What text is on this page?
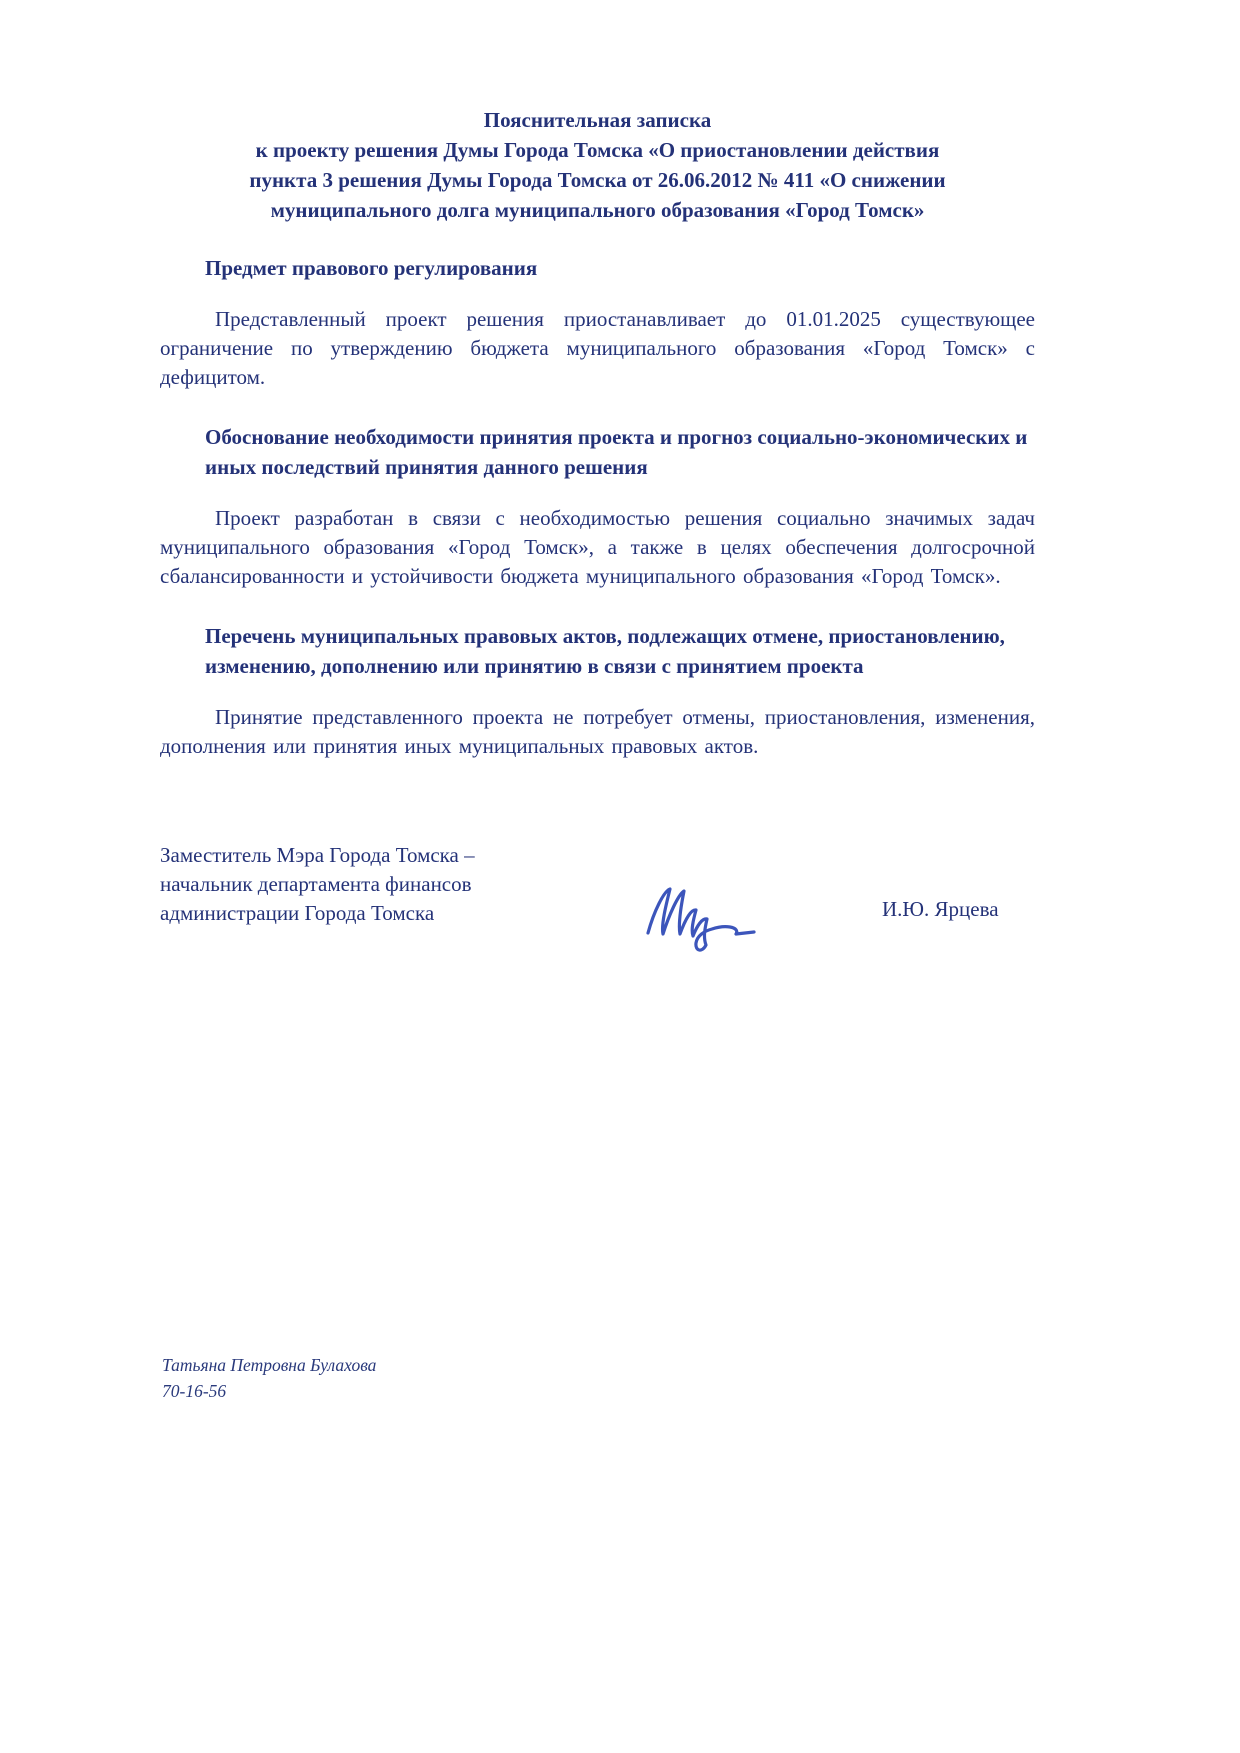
Пояснительная записка
к проекту решения Думы Города Томска «О приостановлении действия
пункта 3 решения Думы Города Томска от 26.06.2012 № 411 «О снижении
муниципального долга муниципального образования «Город Томск»
Предмет правового регулирования

Представленный проект решения приостанавливает до 01.01.2025 существующее ограничение по утверждению бюджета муниципального образования «Город Томск» с дефицитом.

Обоснование необходимости принятия проекта и прогноз социально-экономических и иных последствий принятия данного решения

Проект разработан в связи с необходимостью решения социально значимых задач муниципального образования «Город Томск», а также в целях обеспечения долгосрочной сбалансированности и устойчивости бюджета муниципального образования «Город Томск».

Перечень муниципальных правовых актов, подлежащих отмене, приостановлению, изменению, дополнению или принятию в связи с принятием проекта

Принятие представленного проекта не потребует отмены, приостановления, изменения, дополнения или принятия иных муниципальных правовых актов.

Заместитель Мэра Города Томска –
начальник департамента финансов
администрации Города Томска	И.Ю. Ярцева
Татьяна Петровна Булахова
70-16-56
